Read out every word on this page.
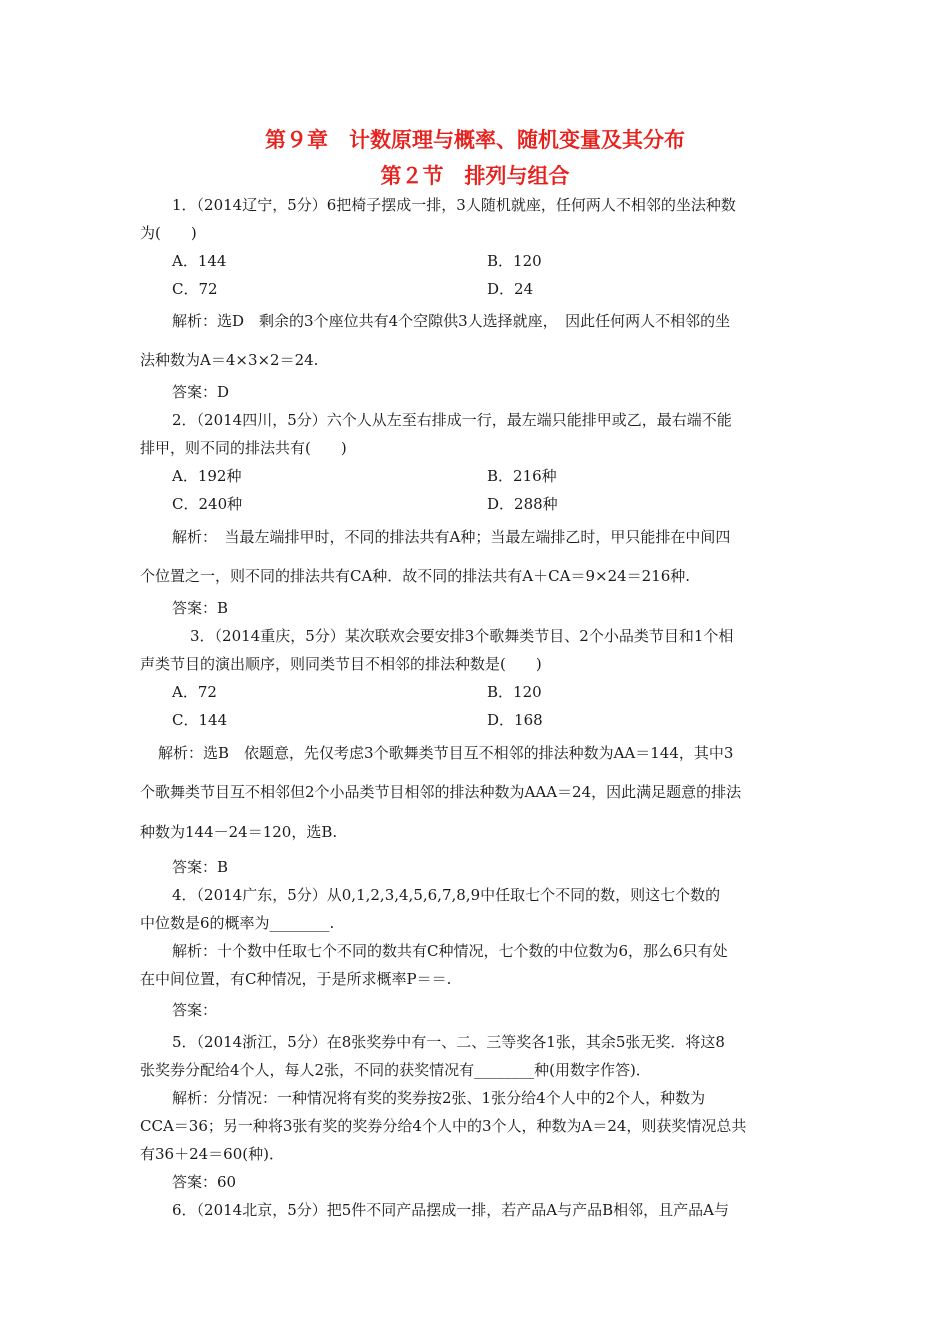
第９章　计数原理与概率、随机变量及其分布
第２节　排列与组合
1．（2014辽宁，5分）6把椅子摆成一排，3人随机就座，任何两人不相邻的坐法种数
为(　　)
A．144	B．120
C．72	D．24
解析：选D　剩余的3个座位共有4个空隙供3人选择就座，　因此任何两人不相邻的坐
法种数为A＝4×3×2＝24.
答案：D
2．（2014四川，5分）六个人从左至右排成一行，最左端只能排甲或乙，最右端不能
排甲，则不同的排法共有(　　)
A．192种	B．216种
C．240种	D．288种
解析：　当最左端排甲时，不同的排法共有A种；当最左端排乙时，甲只能排在中间四
个位置之一，则不同的排法共有CA种．故不同的排法共有A＋CA＝9×24＝216种.
答案：B
3．（2014重庆，5分）某次联欢会要安排3个歌舞类节目、2个小品类节目和1个相
声类节目的演出顺序，则同类节目不相邻的排法种数是(　　)
A．72	B．120
C．144	D．168
解析：选B　依题意，先仅考虑3个歌舞类节目互不相邻的排法种数为AA＝144，其中3
个歌舞类节目互不相邻但2个小品类节目相邻的排法种数为AAA＝24，因此满足题意的排法
种数为144－24＝120，选B.
答案：B
4．（2014广东，5分）从0,1,2,3,4,5,6,7,8,9中任取七个不同的数，则这七个数的
中位数是6的概率为________.
解析：十个数中任取七个不同的数共有C种情况，七个数的中位数为6，那么6只有处
在中间位置，有C种情况，于是所求概率P＝＝.
答案：
5．（2014浙江，5分）在8张奖券中有一、二、三等奖各1张，其余5张无奖．将这8
张奖券分配给4个人，每人2张，不同的获奖情况有________种(用数字作答)．
解析：分情况：一种情况将有奖的奖券按2张、1张分给4个人中的2个人，种数为
CCA＝36；另一种将3张有奖的奖券分给4个人中的3个人，种数为A＝24，则获奖情况总共
有36＋24＝60(种)．
答案：60
6．（2014北京，5分）把5件不同产品摆成一排，若产品A与产品B相邻，且产品A与
